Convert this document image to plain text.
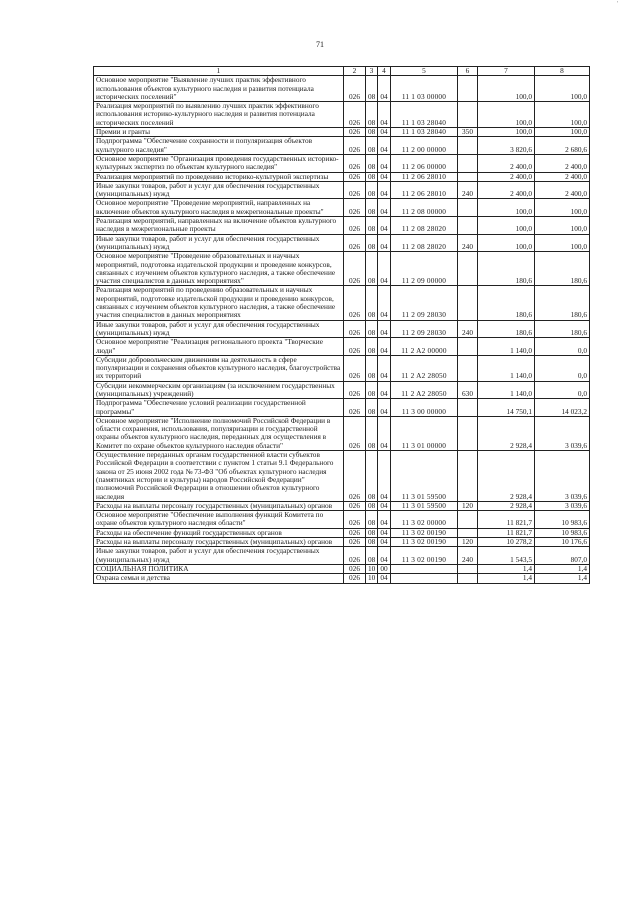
'
71
1	2	3	4	5	6	7	8
Основное мероприятие "Выявление лучших практик эффективного использования объектов культурного наследия и развития потенциала исторических поселений"	026	08	04	11 1 03 00000		100,0	100,0
Реализация мероприятий по выявлению лучших практик эффективного использования историко-культурного наследия и развития потенциала исторических поселений	026	08	04	11 1 03 28040		100,0	100,0
Премии и гранты	026	08	04	11 1 03 28040	350	100,0	100,0
Подпрограмма "Обеспечение сохранности и популяризация объектов культурного наследия"	026	08	04	11 2 00 00000		3 820,6	2 680,6
Основное мероприятие "Организация проведения государственных историко-культурных экспертиз по объектам культурного наследия"	026	08	04	11 2 06 00000		2 400,0	2 400,0
Реализация мероприятий по проведению историко-культурной экспертизы	026	08	04	11 2 06 28010		2 400,0	2 400,0
Иные закупки товаров, работ и услуг для обеспечения государственных (муниципальных) нужд	026	08	04	11 2 06 28010	240	2 400,0	2 400,0
Основное мероприятие "Проведение мероприятий, направленных на включение объектов культурного наследия в межрегиональные проекты"	026	08	04	11 2 08 00000		100,0	100,0
Реализация мероприятий, направленных на включение объектов культурного наследия в межрегиональные проекты	026	08	04	11 2 08 28020		100,0	100,0
Иные закупки товаров, работ и услуг для обеспечения государственных (муниципальных) нужд	026	08	04	11 2 08 28020	240	100,0	100,0
Основное мероприятие "Проведение образовательных и научных мероприятий, подготовка издательской продукции и проведение конкурсов, связанных с изучением объектов культурного наследия, а также обеспечение участия специалистов в данных мероприятиях"	026	08	04	11 2 09 00000		180,6	180,6
Реализация мероприятий по проведению образовательных и научных мероприятий, подготовке издательской продукции и проведению конкурсов, связанных с изучением объектов культурного наследия, а также обеспечение участия специалистов в данных мероприятиях	026	08	04	11 2 09 28030		180,6	180,6
Иные закупки товаров, работ и услуг для обеспечения государственных (муниципальных) нужд	026	08	04	11 2 09 28030	240	180,6	180,6
Основное мероприятие "Реализация регионального проекта "Творческие люди"	026	08	04	11 2 A2 00000		1 140,0	0,0
Субсидии добровольческим движениям на деятельность в сфере популяризации и сохранения объектов культурного наследия, благоустройства их территорий	026	08	04	11 2 A2 28050		1 140,0	0,0
Субсидии некоммерческим организациям (за исключением государственных (муниципальных) учреждений)	026	08	04	11 2 A2 28050	630	1 140,0	0,0
Подпрограмма "Обеспечение условий реализации государственной программы"	026	08	04	11 3 00 00000		14 750,1	14 023,2
Основное мероприятие "Исполнение полномочий Российской Федерации в области сохранения, использования, популяризации и государственной охраны объектов культурного наследия, переданных для осуществления в Комитет по охране объектов культурного наследия области"	026	08	04	11 3 01 00000		2 928,4	3 039,6
Осуществление переданных органам государственной власти субъектов Российской Федерации в соответствии с пунктом 1 статьи 9.1 Федерального закона от 25 июня 2002 года № 73-ФЗ "Об объектах культурного наследия (памятниках истории и культуры) народов Российской Федерации" полномочий Российской Федерации в отношении объектов культурного наследия	026	08	04	11 3 01 59500		2 928,4	3 039,6
Расходы на выплаты персоналу государственных (муниципальных) органов	026	08	04	11 3 01 59500	120	2 928,4	3 039,6
Основное мероприятие "Обеспечение выполнения функций Комитета по охране объектов культурного наследия области"	026	08	04	11 3 02 00000		11 821,7	10 983,6
Расходы на обеспечение функций государственных органов	026	08	04	11 3 02 00190		11 821,7	10 983,6
Расходы на выплаты персоналу государственных (муниципальных) органов	026	08	04	11 3 02 00190	120	10 278,2	10 176,6
Иные закупки товаров, работ и услуг для обеспечения государственных (муниципальных) нужд	026	08	04	11 3 02 00190	240	1 543,5	807,0
СОЦИАЛЬНАЯ ПОЛИТИКА	026	10	00			1,4	1,4
Охрана семьи и детства	026	10	04			1,4	1,4
